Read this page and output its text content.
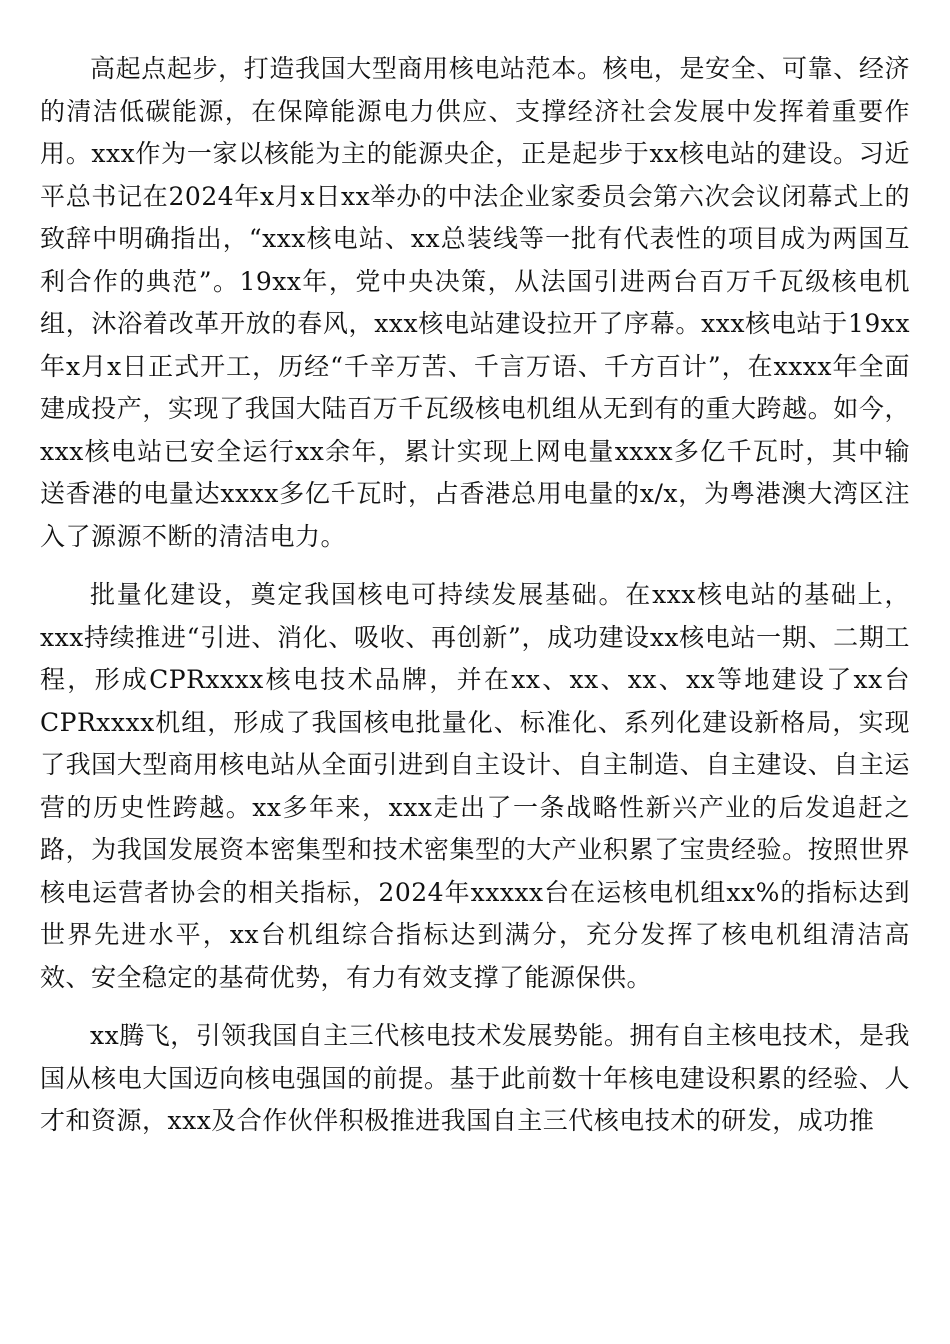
高起点起步，打造我国大型商用核电站范本。核电，是安全、可靠、经济的清洁低碳能源，在保障能源电力供应、支撑经济社会发展中发挥着重要作用。xxx作为一家以核能为主的能源央企，正是起步于xx核电站的建设。习近平总书记在2024年x月x日xx举办的中法企业家委员会第六次会议闭幕式上的致辞中明确指出，“xxx核电站、xx总装线等一批有代表性的项目成为两国互利合作的典范”。19xx年，党中央决策，从法国引进两台百万千瓦级核电机组，沐浴着改革开放的春风，xxx核电站建设拉开了序幕。xxx核电站于19xx年x月x日正式开工，历经“千辛万苦、千言万语、千方百计”，在xxxx年全面建成投产，实现了我国大陆百万千瓦级核电机组从无到有的重大跨越。如今，xxx核电站已安全运行xx余年，累计实现上网电量xxxx多亿千瓦时，其中输送香港的电量达xxxx多亿千瓦时，占香港总用电量的x/x，为粤港澳大湾区注入了源源不断的清洁电力。

批量化建设，奠定我国核电可持续发展基础。在xxx核电站的基础上，xxx持续推进“引进、消化、吸收、再创新”，成功建设xx核电站一期、二期工程，形成CPRxxxx核电技术品牌，并在xx、xx、xx、xx等地建设了xx台CPRxxxx机组，形成了我国核电批量化、标准化、系列化建设新格局，实现了我国大型商用核电站从全面引进到自主设计、自主制造、自主建设、自主运营的历史性跨越。xx多年来，xxx走出了一条战略性新兴产业的后发追赶之路，为我国发展资本密集型和技术密集型的大产业积累了宝贵经验。按照世界核电运营者协会的相关指标，2024年xxxxx台在运核电机组xx%的指标达到世界先进水平，xx台机组综合指标达到满分，充分发挥了核电机组清洁高效、安全稳定的基荷优势，有力有效支撑了能源保供。

xx腾飞，引领我国自主三代核电技术发展势能。拥有自主核电技术，是我国从核电大国迈向核电强国的前提。基于此前数十年核电建设积累的经验、人才和资源，xxx及合作伙伴积极推进我国自主三代核电技术的研发，成功推
